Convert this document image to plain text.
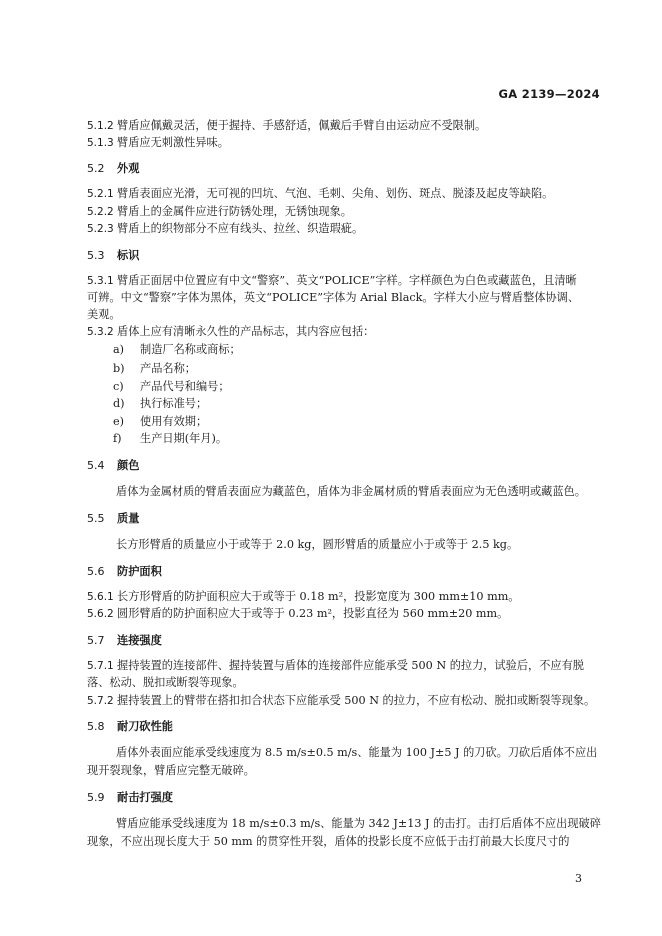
GA 2139—2024
5.1.2 臂盾应佩戴灵活，便于握持、手感舒适，佩戴后手臂自由运动应不受限制。
5.1.3 臂盾应无刺激性异味。
5.2 外观
5.2.1 臂盾表面应光滑，无可视的凹坑、气泡、毛刺、尖角、划伤、斑点、脱漆及起皮等缺陷。
5.2.2 臂盾上的金属件应进行防锈处理，无锈蚀现象。
5.2.3 臂盾上的织物部分不应有线头、拉丝、织造瑕疵。
5.3 标识
5.3.1 臂盾正面居中位置应有中文“警察”、英文“POLICE”字样。字样颜色为白色或藏蓝色，且清晰
可辨。中文“警察”字体为黑体，英文“POLICE”字体为 Arial Black。字样大小应与臂盾整体协调、
美观。
5.3.2 盾体上应有清晰永久性的产品标志，其内容应包括：
a) 制造厂名称或商标；
b) 产品名称；
c) 产品代号和编号；
d) 执行标准号；
e) 使用有效期；
f) 生产日期(年月)。
5.4 颜色
盾体为金属材质的臂盾表面应为藏蓝色，盾体为非金属材质的臂盾表面应为无色透明或藏蓝色。
5.5 质量
长方形臂盾的质量应小于或等于 2.0 kg，圆形臂盾的质量应小于或等于 2.5 kg。
5.6 防护面积
5.6.1 长方形臂盾的防护面积应大于或等于 0.18 m²，投影宽度为 300 mm±10 mm。
5.6.2 圆形臂盾的防护面积应大于或等于 0.23 m²，投影直径为 560 mm±20 mm。
5.7 连接强度
5.7.1 握持装置的连接部件、握持装置与盾体的连接部件应能承受 500 N 的拉力，试验后，不应有脱
落、松动、脱扣或断裂等现象。
5.7.2 握持装置上的臂带在搭扣扣合状态下应能承受 500 N 的拉力，不应有松动、脱扣或断裂等现象。
5.8 耐刀砍性能
盾体外表面应能承受线速度为 8.5 m/s±0.5 m/s、能量为 100 J±5 J 的刀砍。刀砍后盾体不应出
现开裂现象，臂盾应完整无破碎。
5.9 耐击打强度
臂盾应能承受线速度为 18 m/s±0.3 m/s、能量为 342 J±13 J 的击打。击打后盾体不应出现破碎
现象，不应出现长度大于 50 mm 的贯穿性开裂，盾体的投影长度不应低于击打前最大长度尺寸的
3
